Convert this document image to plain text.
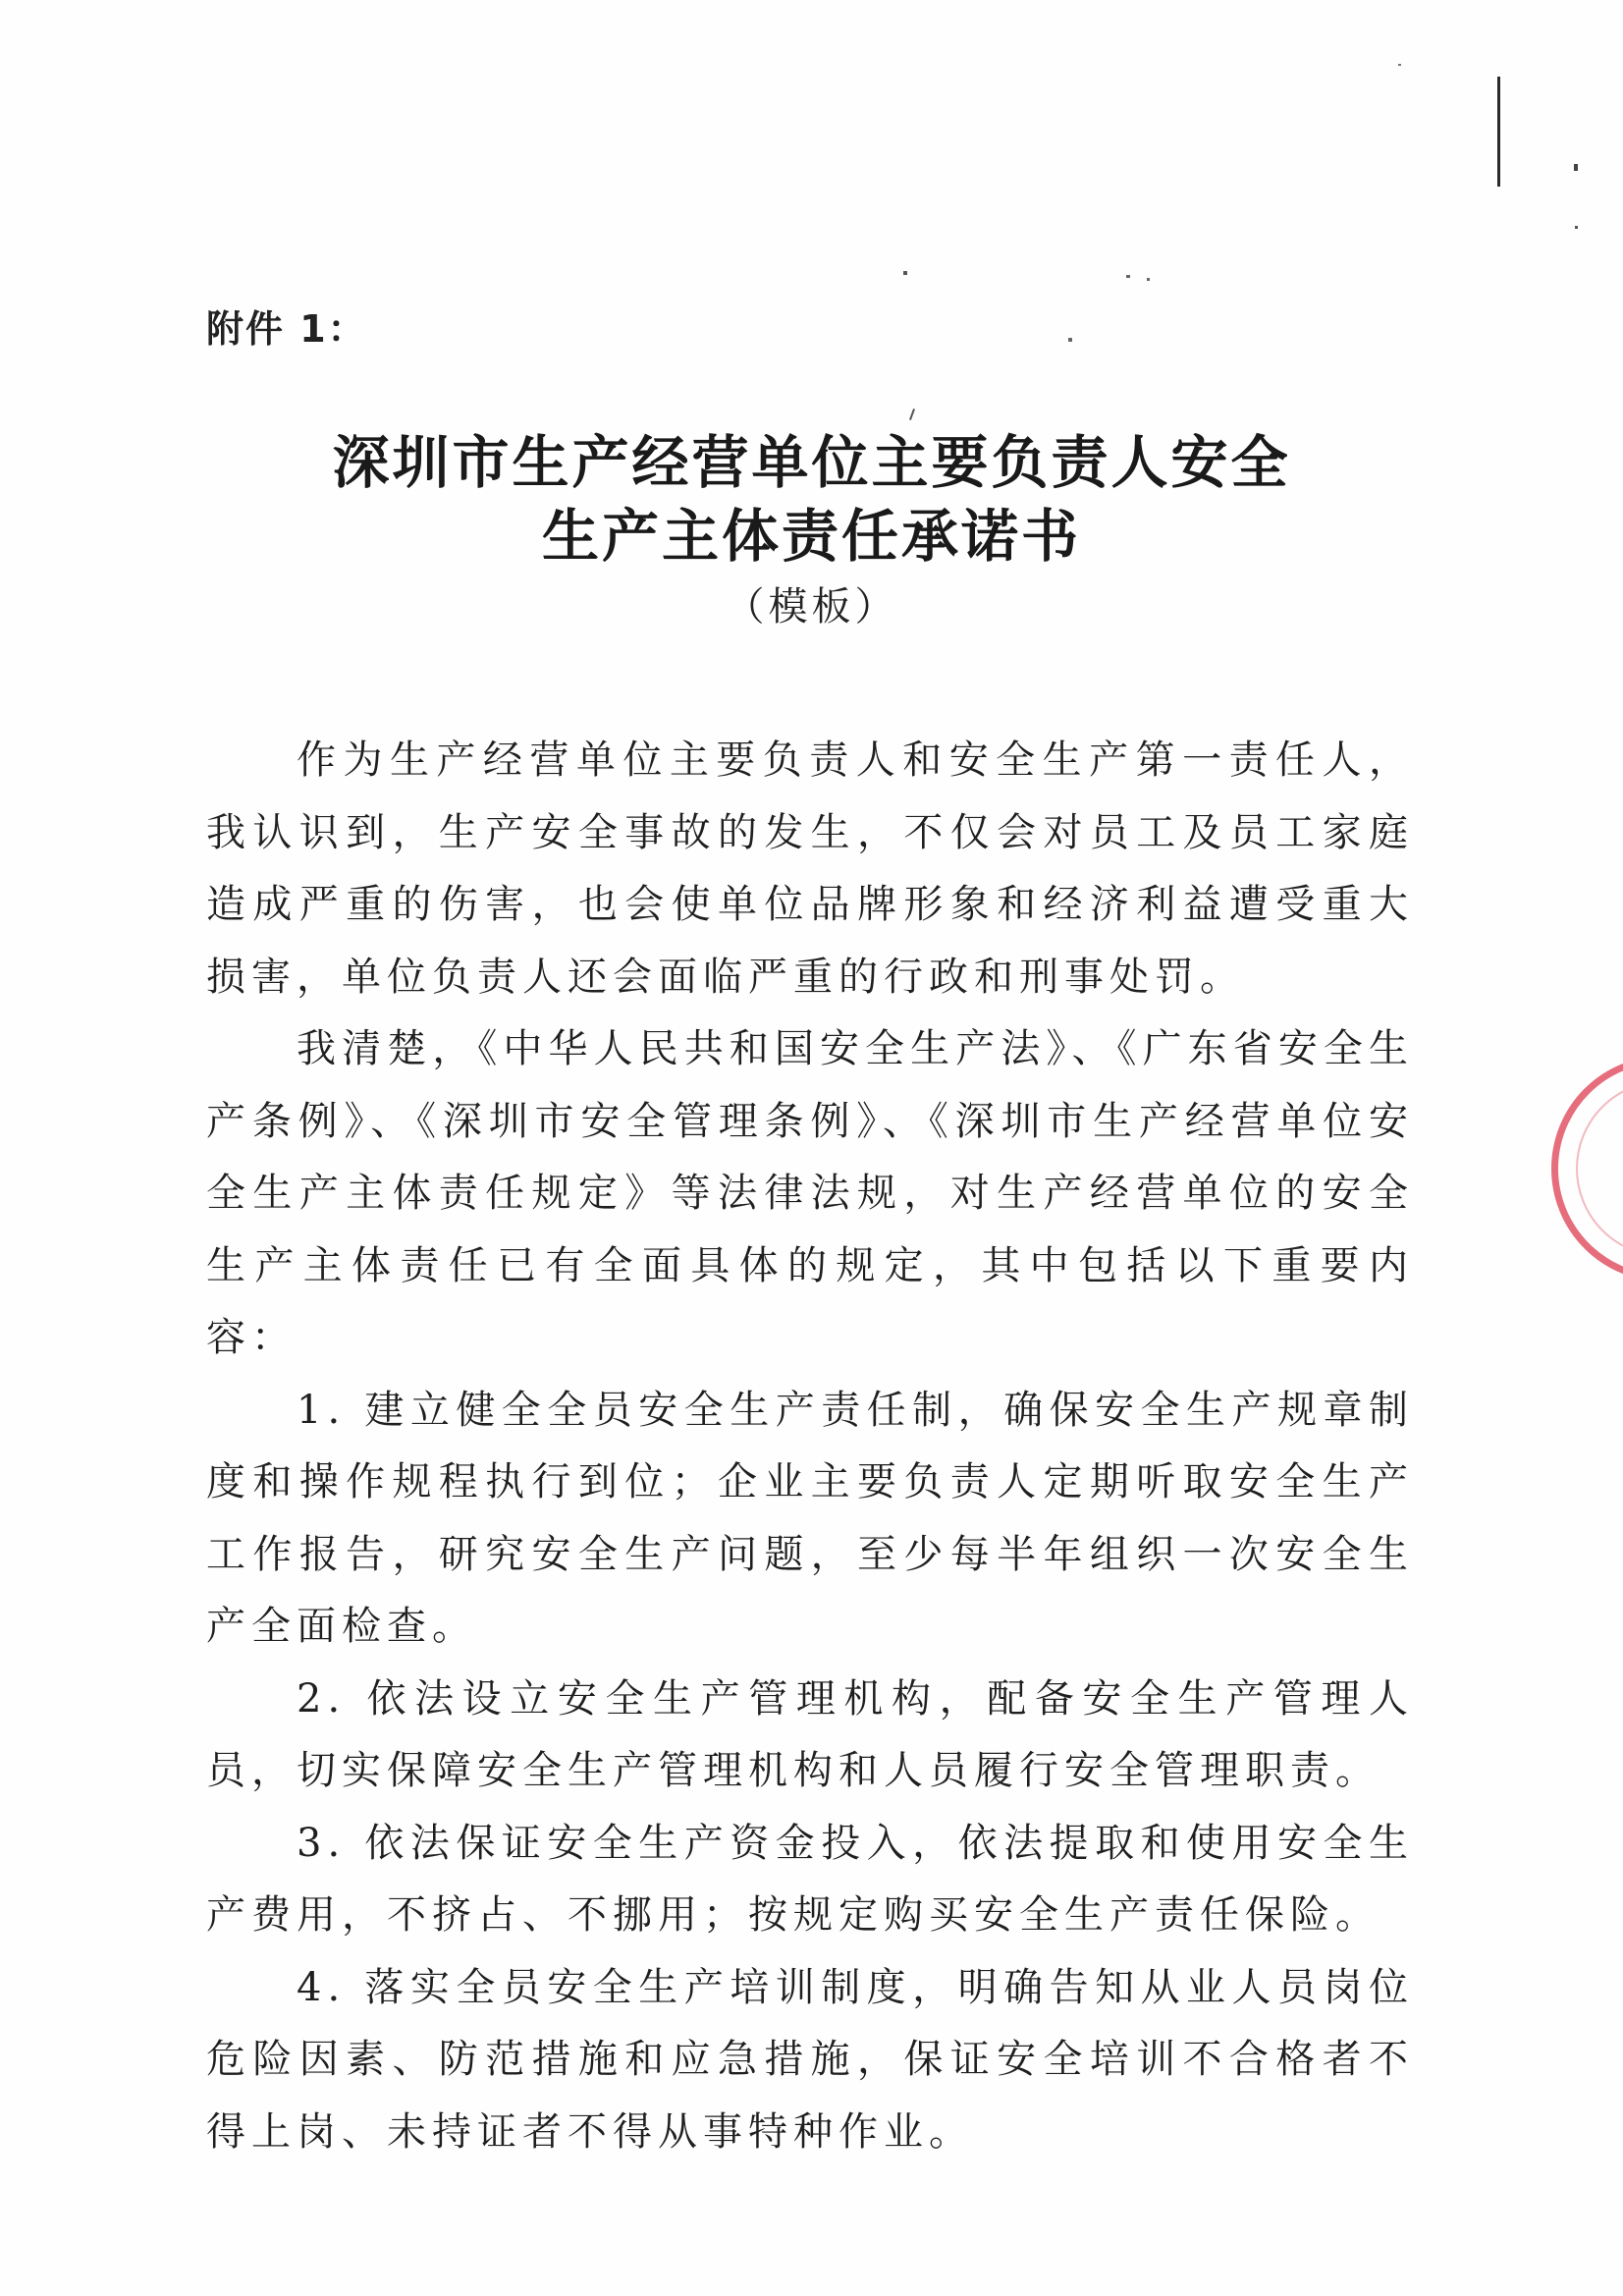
附件 1：
深圳市生产经营单位主要负责人安全
生产主体责任承诺书
（模板）

作为生产经营单位主要负责人和安全生产第一责任人，我认识到，生产安全事故的发生，不仅会对员工及员工家庭造成严重的伤害，也会使单位品牌形象和经济利益遭受重大损害，单位负责人还会面临严重的行政和刑事处罚。

我清楚，《中华人民共和国安全生产法》、《广东省安全生产条例》、《深圳市安全管理条例》、《深圳市生产经营单位安全生产主体责任规定》等法律法规，对生产经营单位的安全生产主体责任已有全面具体的规定，其中包括以下重要内容：

1. 建立健全全员安全生产责任制，确保安全生产规章制度和操作规程执行到位；企业主要负责人定期听取安全生产工作报告，研究安全生产问题，至少每半年组织一次安全生产全面检查。

2. 依法设立安全生产管理机构，配备安全生产管理人员，切实保障安全生产管理机构和人员履行安全管理职责。

3. 依法保证安全生产资金投入，依法提取和使用安全生产费用，不挤占、不挪用；按规定购买安全生产责任保险。

4. 落实全员安全生产培训制度，明确告知从业人员岗位危险因素、防范措施和应急措施，保证安全培训不合格者不得上岗、未持证者不得从事特种作业。
